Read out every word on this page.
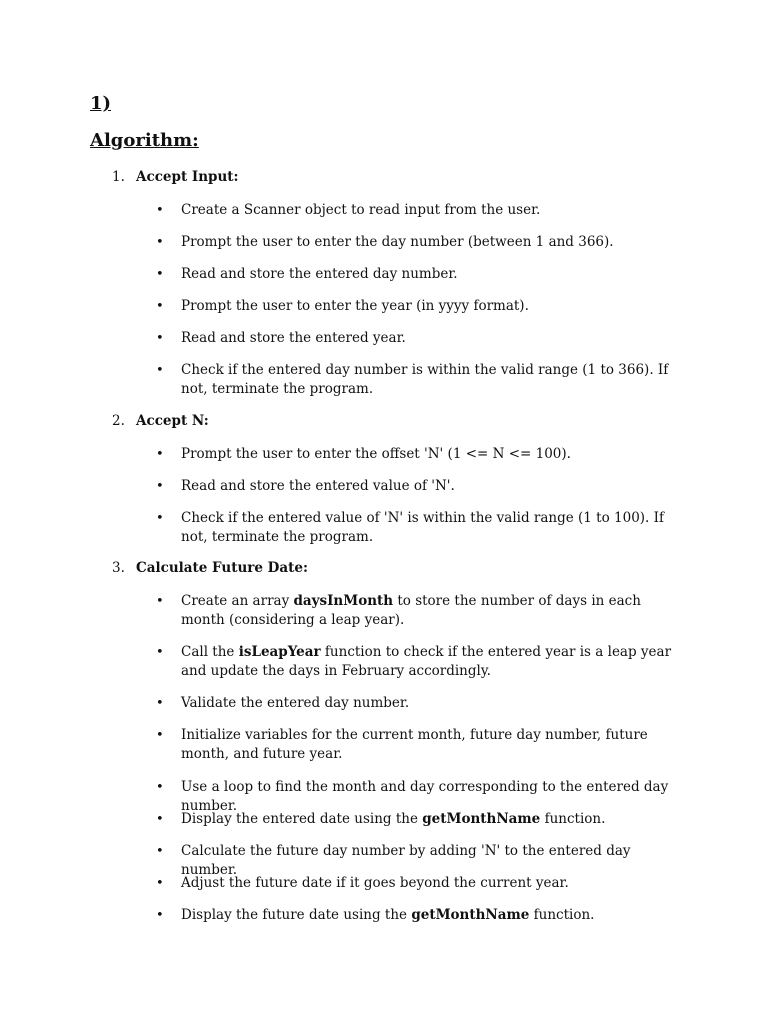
1)
Algorithm:
1. Accept Input:
•	Create a Scanner object to read input from the user.
•	Prompt the user to enter the day number (between 1 and 366).
•	Read and store the entered day number.
•	Prompt the user to enter the year (in yyyy format).
•	Read and store the entered year.
•	Check if the entered day number is within the valid range (1 to 366). If not, terminate the program.
2. Accept N:
•	Prompt the user to enter the offset 'N' (1 <= N <= 100).
•	Read and store the entered value of 'N'.
•	Check if the entered value of 'N' is within the valid range (1 to 100). If not, terminate the program.
3. Calculate Future Date:
•	Create an array daysInMonth to store the number of days in each month (considering a leap year).
•	Call the isLeapYear function to check if the entered year is a leap year and update the days in February accordingly.
•	Validate the entered day number.
•	Initialize variables for the current month, future day number, future month, and future year.
•	Use a loop to find the month and day corresponding to the entered day number.
•	Display the entered date using the getMonthName function.
•	Calculate the future day number by adding 'N' to the entered day number.
•	Adjust the future date if it goes beyond the current year.
•	Display the future date using the getMonthName function.
